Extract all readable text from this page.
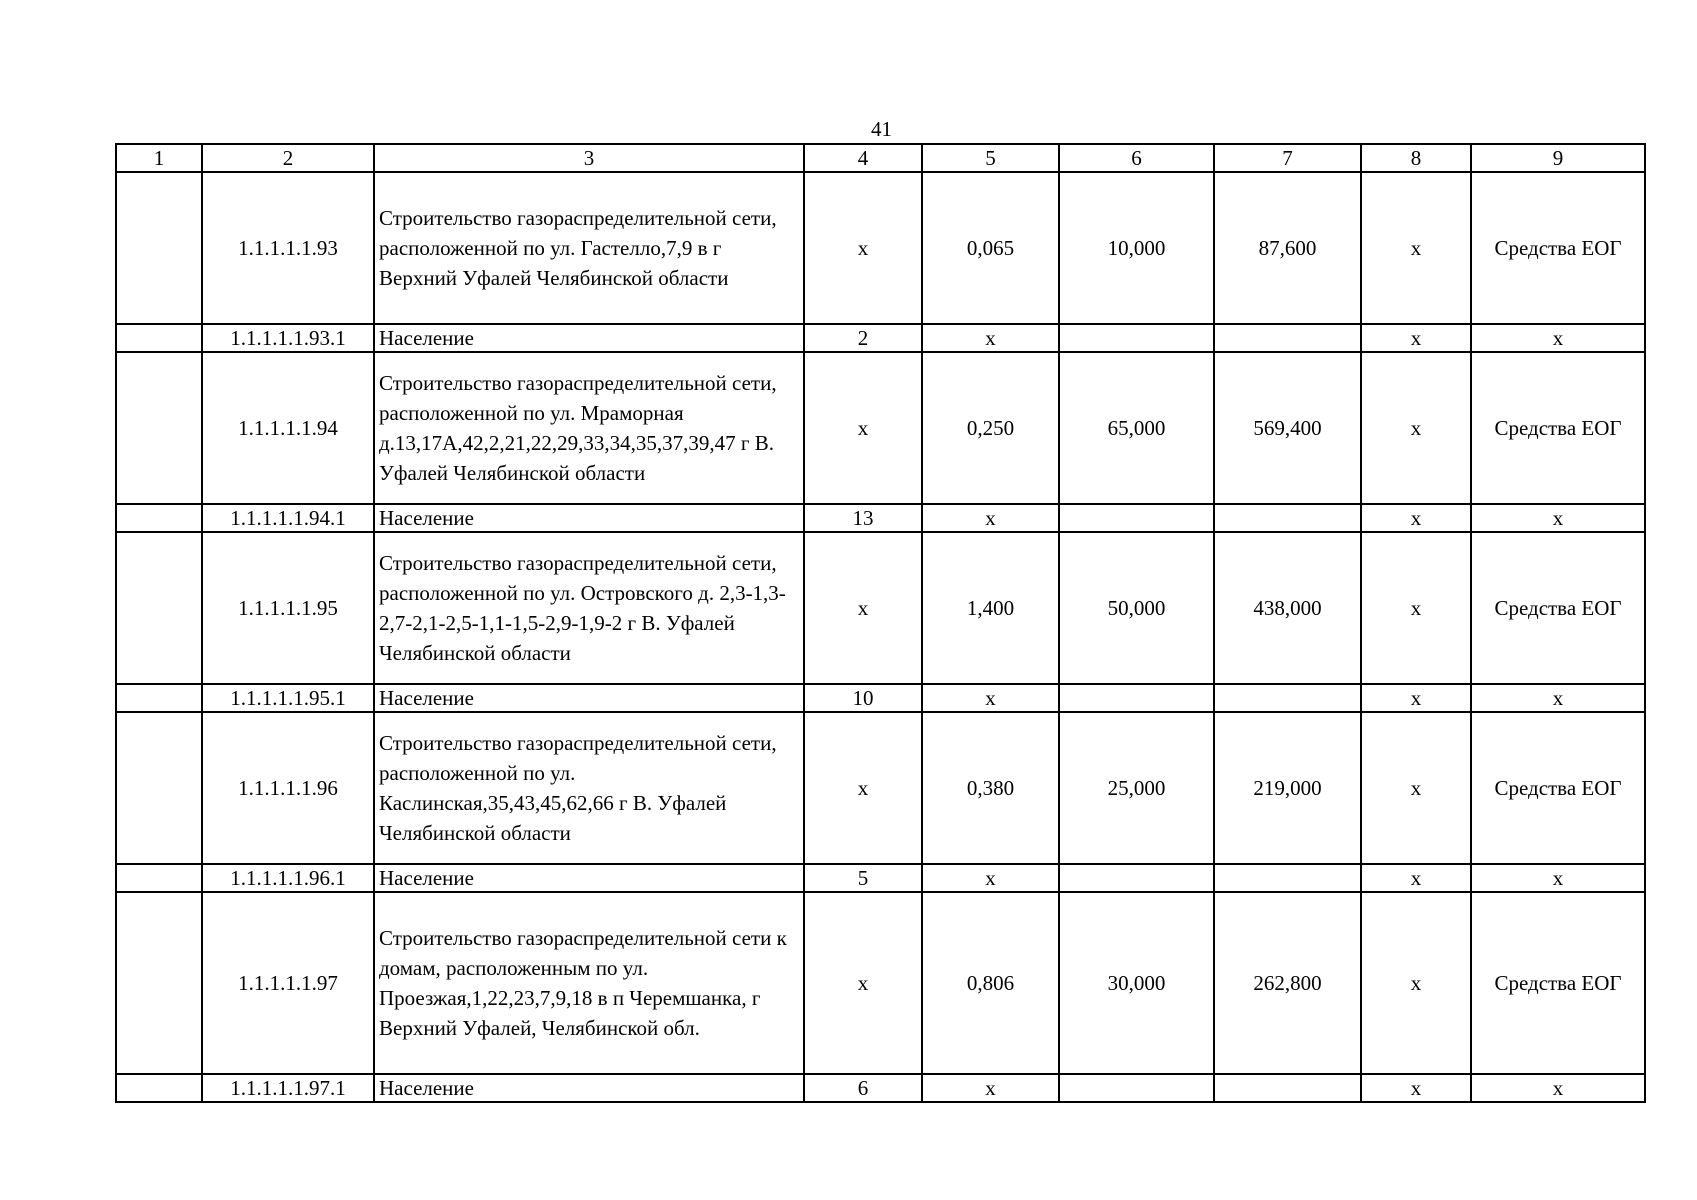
41
1	2	3	4	5	6	7	8	9
	1.1.1.1.1.93	Строительство газораспределительной сети, расположенной по ул. Гастелло,7,9 в г Верхний Уфалей Челябинской области	х	0,065	10,000	87,600	х	Средства ЕОГ
	1.1.1.1.1.93.1	Население	2	х			х	х
	1.1.1.1.1.94	Строительство газораспределительной сети, расположенной по ул. Мраморная д.13,17А,42,2,21,22,29,33,34,35,37,39,47 г В. Уфалей Челябинской области	х	0,250	65,000	569,400	х	Средства ЕОГ
	1.1.1.1.1.94.1	Население	13	х			х	х
	1.1.1.1.1.95	Строительство газораспределительной сети, расположенной по ул. Островского д. 2,3-1,3-2,7-2,1-2,5-1,1-1,5-2,9-1,9-2 г В. Уфалей Челябинской области	х	1,400	50,000	438,000	х	Средства ЕОГ
	1.1.1.1.1.95.1	Население	10	х			х	х
	1.1.1.1.1.96	Строительство газораспределительной сети, расположенной по ул. Каслинская,35,43,45,62,66 г В. Уфалей Челябинской области	х	0,380	25,000	219,000	х	Средства ЕОГ
	1.1.1.1.1.96.1	Население	5	х			х	х
	1.1.1.1.1.97	Строительство газораспределительной сети к домам, расположенным по ул. Проезжая,1,22,23,7,9,18 в п Черемшанка, г Верхний Уфалей, Челябинской обл.	х	0,806	30,000	262,800	х	Средства ЕОГ
	1.1.1.1.1.97.1	Население	6	х			х	х
